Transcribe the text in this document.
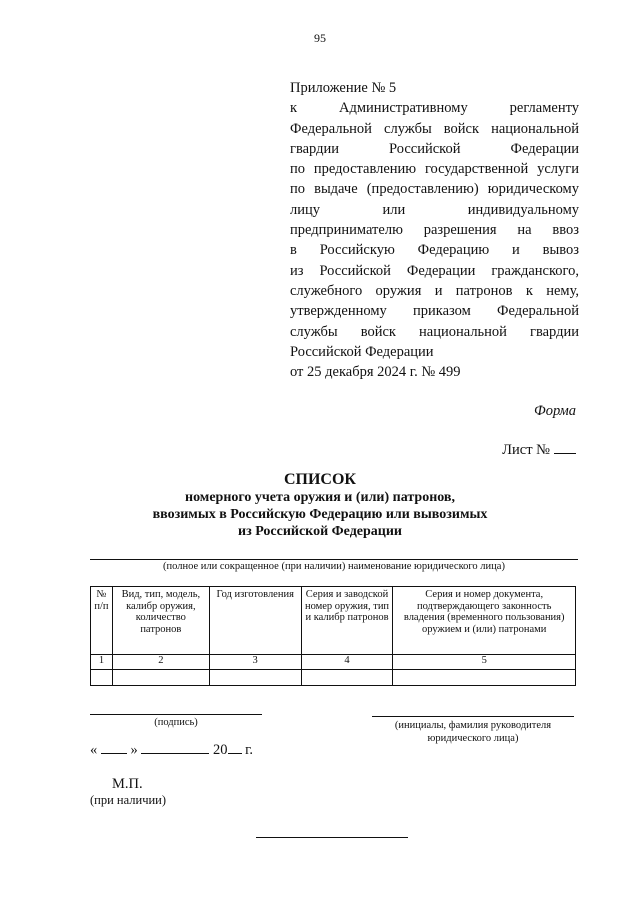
95
Приложение № 5
к Административному регламенту
Федеральной службы войск национальной
гвардии Российской Федерации
по предоставлению государственной услуги
по выдаче (предоставлению) юридическому
лицу или индивидуальному
предпринимателю разрешения на ввоз
в Российскую Федерацию и вывоз
из Российской Федерации гражданского,
служебного оружия и патронов к нему,
утвержденному приказом Федеральной
службы войск национальной гвардии
Российской Федерации
от 25 декабря 2024 г. № 499
Форма
Лист №
СПИСОК
номерного учета оружия и (или) патронов,
ввозимых в Российскую Федерацию или вывозимых
из Российской Федерации
(полное или сокращенное (при наличии) наименование юридического лица)
№ п/п	Вид, тип, модель, калибр оружия, количество патронов	Год изготовления	Серия и заводской номер оружия, тип и калибр патронов	Серия и номер документа, подтверждающего законность владения (временного пользования) оружием и (или) патронами
1	2	3	4	5

(подпись)	(инициалы, фамилия руководителя
юридического лица)
« »	20 г.
М.П.
(при наличии)
